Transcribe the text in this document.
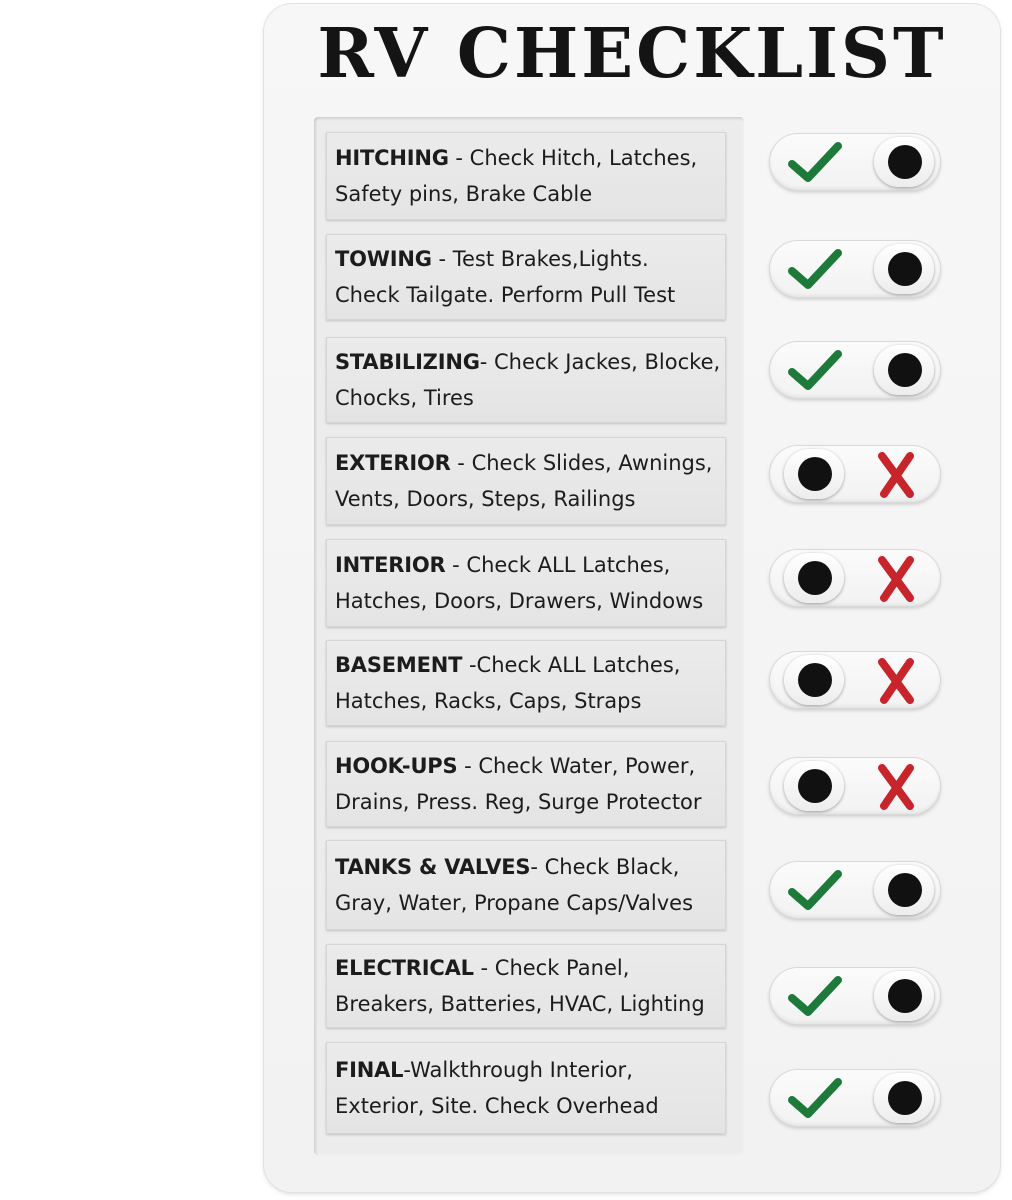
RV CHECKLIST
HITCHING - Check Hitch, Latches,
Safety pins, Brake Cable
TOWING - Test Brakes,Lights.
Check Tailgate. Perform Pull Test
STABILIZING- Check Jackes, Blocke,
Chocks, Tires
EXTERIOR - Check Slides, Awnings,
Vents, Doors, Steps, Railings
INTERIOR - Check ALL Latches,
Hatches, Doors, Drawers, Windows
BASEMENT -Check ALL Latches,
Hatches, Racks, Caps, Straps
HOOK-UPS - Check Water, Power,
Drains, Press. Reg, Surge Protector
TANKS & VALVES- Check Black,
Gray, Water, Propane Caps/Valves
ELECTRICAL - Check Panel,
Breakers, Batteries, HVAC, Lighting
FINAL-Walkthrough Interior,
Exterior, Site. Check Overhead
